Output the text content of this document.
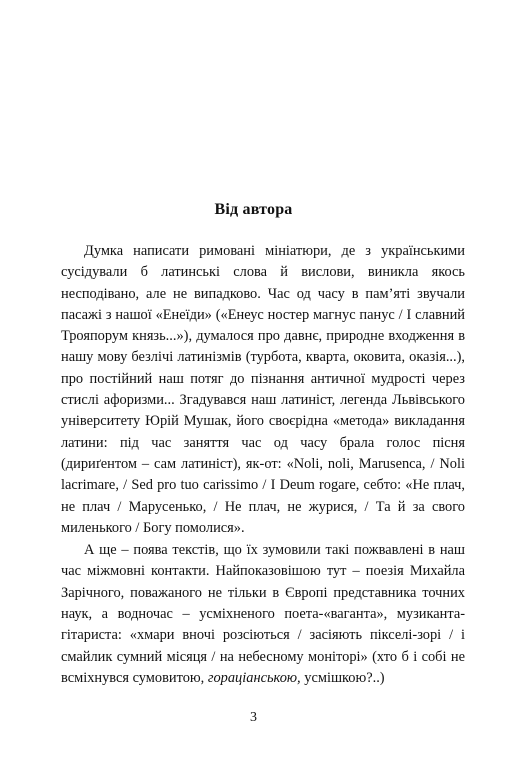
Від автора

Думка написати римовані мініатюри, де з українськими сусідували б латинські слова й вислови, виникла якось несподівано, але не випадково. Час од часу в пам’яті звучали пасажі з нашої «Енеїди» («Енеус ностер магнус панус / І славний Трояпорум князь...»), думалося про давнє, природне входження в нашу мову безлічі латинізмів (турбота, кварта, оковита, оказія...), про постійний наш потяг до пізнання античної мудрості через стислі афоризми... Згадувався наш латиніст, легенда Львівського університету Юрій Мушак, його своєрідна «метода» викладання латини: під час заняття час од часу брала голос пісня (дириґентом – сам латиніст), як-от: «Noli, noli, Marusenca, / Noli lacrimare, / Sed pro tuo carissimo / I Deum rogare, себто: «Не плач, не плач / Марусенько, / Не плач, не журися, / Та й за свого миленького / Богу помолися».

А ще – поява текстів, що їх зумовили такі пожвавлені в наш час міжмовні контакти. Найпоказовішою тут – поезія Михайла Зарічного, поважаного не тільки в Європі представника точних наук, а водночас – усміхненого поета-«ваганта», музиканта-гітариста: «хмари вночі розсіються / засіяють пікселі-зорі / і смайлик сумний місяця / на небесному моніторі» (хто б і собі не всміхнувся сумовитою, горацiанською, усмішкою?..)

3
